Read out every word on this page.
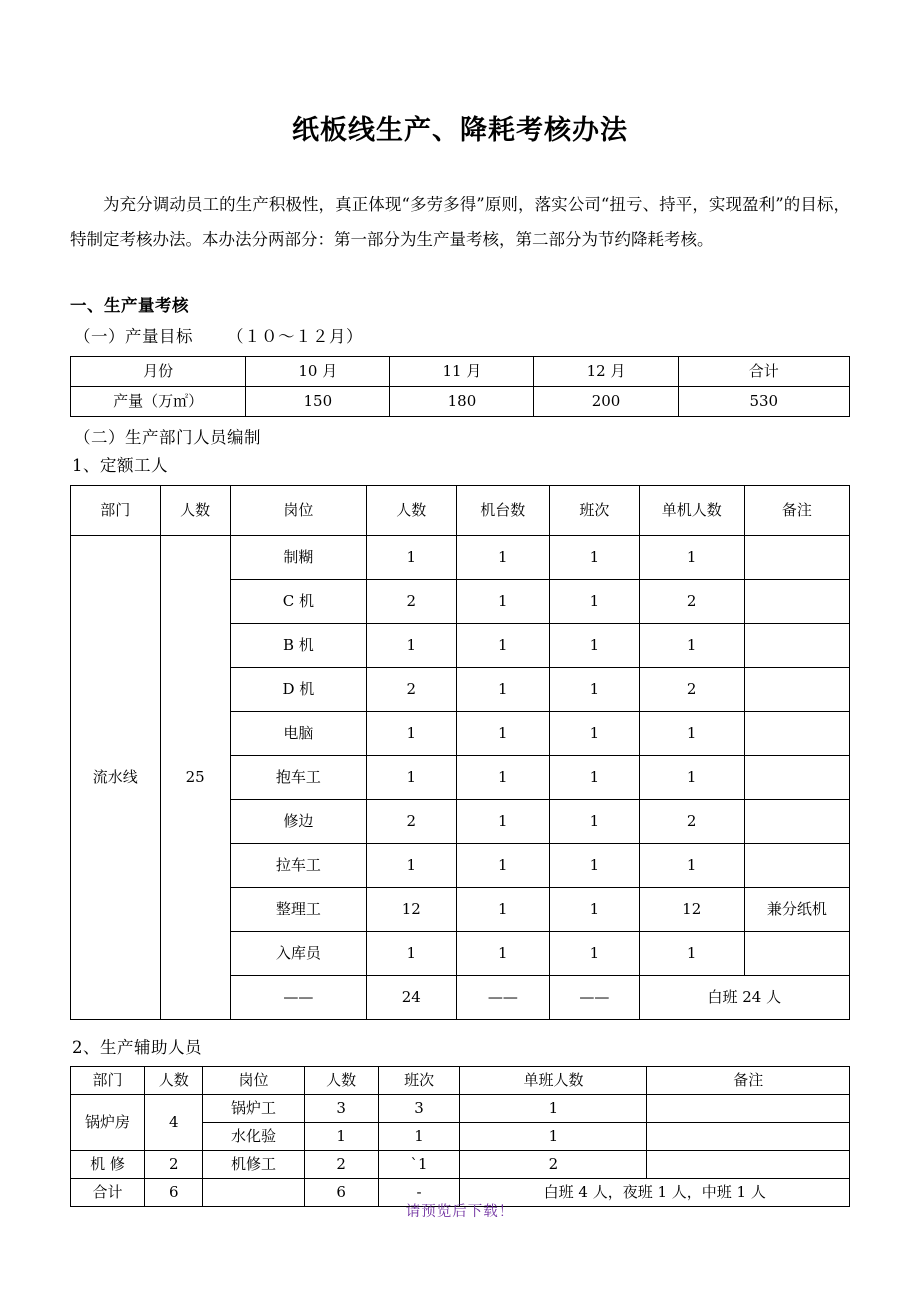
纸板线生产、降耗考核办法

为充分调动员工的生产积极性，真正体现“多劳多得”原则，落实公司“扭亏、持平，实现盈利”的目标，特制定考核办法。本办法分两部分：第一部分为生产量考核，第二部分为节约降耗考核。

一、生产量考核

（一）产量目标 （１０～１２月）

月份	10 月	11 月	12 月	合计
产量（万㎡）	150	180	200	530

（二）生产部门人员编制

1、定额工人

部门	人数	岗位	人数	机台数	班次	单机人数	备注
流水线	25	制糊	1	1	1	1	
		C 机	2	1	1	2	
		B 机	1	1	1	1	
		D 机	2	1	1	2	
		电脑	1	1	1	1	
		抱车工	1	1	1	1	
		修边	2	1	1	2	
		拉车工	1	1	1	1	
		整理工	12	1	1	12	兼分纸机
		入库员	1	1	1	1	
		——	24	——	——	白班 24 人	

2、生产辅助人员

部门	人数	岗位	人数	班次	单班人数	备注
锅炉房	4	锅炉工	3	3	1	
		水化验	1	1	1	
机 修	2	机修工	2	`1	2	
合计	6		6	-	白班 4 人，夜班 1 人，中班 1 人	
请预览后下载！
